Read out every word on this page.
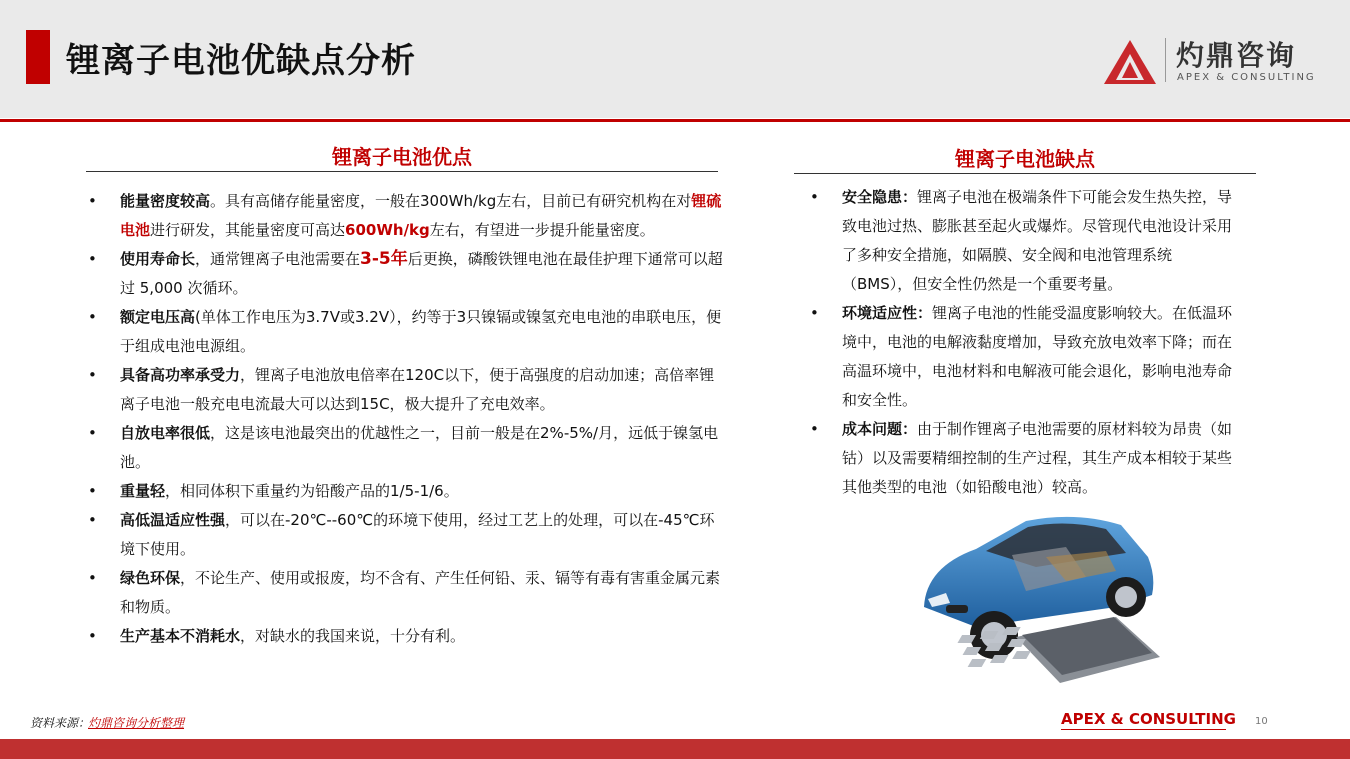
锂离子电池优缺点分析	灼鼎咨询
APEX & CONSULTING
锂离子电池优点
• 能量密度较高。具有高储存能量密度，一般在300Wh/kg左右，目前已有研究机构在对锂硫电池进行研发，其能量密度可高达600Wh/kg左右，有望进一步提升能量密度。
• 使用寿命长，通常锂离子电池需要在3-5年后更换，磷酸铁锂电池在最佳护理下通常可以超过 5,000 次循环。
• 额定电压高(单体工作电压为3.7V或3.2V），约等于3只镍镉或镍氢充电电池的串联电压，便于组成电池电源组。
• 具备高功率承受力，锂离子电池放电倍率在120C以下，便于高强度的启动加速；高倍率锂离子电池一般充电电流最大可以达到15C，极大提升了充电效率。
• 自放电率很低，这是该电池最突出的优越性之一，目前一般是在2%-5%/月，远低于镍氢电池。
• 重量轻，相同体积下重量约为铅酸产品的1/5-1/6。
• 高低温适应性强，可以在-20℃--60℃的环境下使用，经过工艺上的处理，可以在-45℃环境下使用。
• 绿色环保，不论生产、使用或报废，均不含有、产生任何铅、汞、镉等有毒有害重金属元素和物质。
• 生产基本不消耗水，对缺水的我国来说，十分有利。
锂离子电池缺点
• 安全隐患：锂离子电池在极端条件下可能会发生热失控，导致电池过热、膨胀甚至起火或爆炸。尽管现代电池设计采用了多种安全措施，如隔膜、安全阀和电池管理系统（BMS），但安全性仍然是一个重要考量。
• 环境适应性：锂离子电池的性能受温度影响较大。在低温环境中，电池的电解液黏度增加，导致充放电效率下降；而在高温环境中，电池材料和电解液可能会退化，影响电池寿命和安全性。
• 成本问题：由于制作锂离子电池需要的原材料较为昂贵（如钴）以及需要精细控制的生产过程，其生产成本相较于某些其他类型的电池（如铅酸电池）较高。
资料来源：
灼鼎咨询分析整理	APEX & CONSULTING 10
